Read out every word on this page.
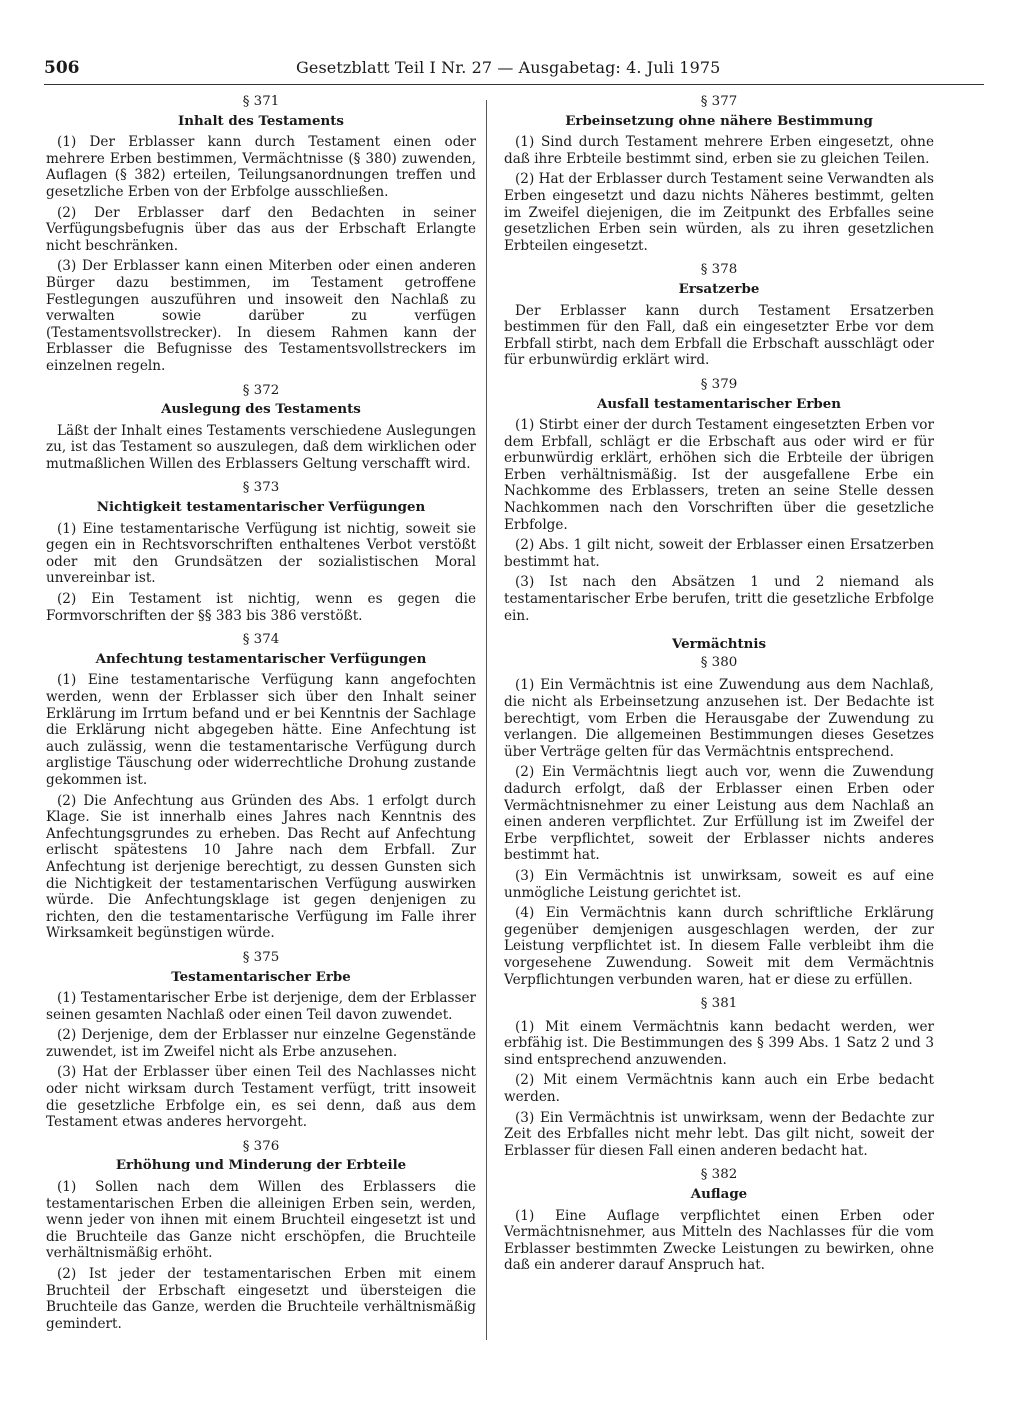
506	Gesetzblatt Teil I Nr. 27 — Ausgabetag: 4. Juli 1975
§ 371
Inhalt des Testaments

(1) Der Erblasser kann durch Testament einen oder mehrere Erben bestimmen, Vermächtnisse (§ 380) zuwenden, Auflagen (§ 382) erteilen, Teilungsanordnungen treffen und gesetzliche Erben von der Erbfolge ausschließen.

(2) Der Erblasser darf den Bedachten in seiner Verfügungsbefugnis über das aus der Erbschaft Erlangte nicht beschränken.

(3) Der Erblasser kann einen Miterben oder einen anderen Bürger dazu bestimmen, im Testament getroffene Festlegungen auszuführen und insoweit den Nachlaß zu verwalten sowie darüber zu verfügen (Testamentsvollstrecker). In diesem Rahmen kann der Erblasser die Befugnisse des Testamentsvollstreckers im einzelnen regeln.

§ 372
Auslegung des Testaments

Läßt der Inhalt eines Testaments verschiedene Auslegungen zu, ist das Testament so auszulegen, daß dem wirklichen oder mutmaßlichen Willen des Erblassers Geltung verschafft wird.

§ 373
Nichtigkeit testamentarischer Verfügungen

(1) Eine testamentarische Verfügung ist nichtig, soweit sie gegen ein in Rechtsvorschriften enthaltenes Verbot verstößt oder mit den Grundsätzen der sozialistischen Moral unvereinbar ist.

(2) Ein Testament ist nichtig, wenn es gegen die Formvorschriften der §§ 383 bis 386 verstößt.

§ 374
Anfechtung testamentarischer Verfügungen

(1) Eine testamentarische Verfügung kann angefochten werden, wenn der Erblasser sich über den Inhalt seiner Erklärung im Irrtum befand und er bei Kenntnis der Sachlage die Erklärung nicht abgegeben hätte. Eine Anfechtung ist auch zulässig, wenn die testamentarische Verfügung durch arglistige Täuschung oder widerrechtliche Drohung zustande gekommen ist.

(2) Die Anfechtung aus Gründen des Abs. 1 erfolgt durch Klage. Sie ist innerhalb eines Jahres nach Kenntnis des Anfechtungsgrundes zu erheben. Das Recht auf Anfechtung erlischt spätestens 10 Jahre nach dem Erbfall. Zur Anfechtung ist derjenige berechtigt, zu dessen Gunsten sich die Nichtigkeit der testamentarischen Verfügung auswirken würde. Die Anfechtungsklage ist gegen denjenigen zu richten, den die testamentarische Verfügung im Falle ihrer Wirksamkeit begünstigen würde.

§ 375
Testamentarischer Erbe

(1) Testamentarischer Erbe ist derjenige, dem der Erblasser seinen gesamten Nachlaß oder einen Teil davon zuwendet.

(2) Derjenige, dem der Erblasser nur einzelne Gegenstände zuwendet, ist im Zweifel nicht als Erbe anzusehen.

(3) Hat der Erblasser über einen Teil des Nachlasses nicht oder nicht wirksam durch Testament verfügt, tritt insoweit die gesetzliche Erbfolge ein, es sei denn, daß aus dem Testament etwas anderes hervorgeht.

§ 376
Erhöhung und Minderung der Erbteile

(1) Sollen nach dem Willen des Erblassers die testamentarischen Erben die alleinigen Erben sein, werden, wenn jeder von ihnen mit einem Bruchteil eingesetzt ist und die Bruchteile das Ganze nicht erschöpfen, die Bruchteile verhältnismäßig erhöht.

(2) Ist jeder der testamentarischen Erben mit einem Bruchteil der Erbschaft eingesetzt und übersteigen die Bruchteile das Ganze, werden die Bruchteile verhältnismäßig gemindert.

§ 377
Erbeinsetzung ohne nähere Bestimmung

(1) Sind durch Testament mehrere Erben eingesetzt, ohne daß ihre Erbteile bestimmt sind, erben sie zu gleichen Teilen.

(2) Hat der Erblasser durch Testament seine Verwandten als Erben eingesetzt und dazu nichts Näheres bestimmt, gelten im Zweifel diejenigen, die im Zeitpunkt des Erbfalles seine gesetzlichen Erben sein würden, als zu ihren gesetzlichen Erbteilen eingesetzt.

§ 378
Ersatzerbe

Der Erblasser kann durch Testament Ersatzerben bestimmen für den Fall, daß ein eingesetzter Erbe vor dem Erbfall stirbt, nach dem Erbfall die Erbschaft ausschlägt oder für erbunwürdig erklärt wird.

§ 379
Ausfall testamentarischer Erben

(1) Stirbt einer der durch Testament eingesetzten Erben vor dem Erbfall, schlägt er die Erbschaft aus oder wird er für erbunwürdig erklärt, erhöhen sich die Erbteile der übrigen Erben verhältnismäßig. Ist der ausgefallene Erbe ein Nachkomme des Erblassers, treten an seine Stelle dessen Nachkommen nach den Vorschriften über die gesetzliche Erbfolge.

(2) Abs. 1 gilt nicht, soweit der Erblasser einen Ersatzerben bestimmt hat.

(3) Ist nach den Absätzen 1 und 2 niemand als testamentarischer Erbe berufen, tritt die gesetzliche Erbfolge ein.

Vermächtnis
§ 380

(1) Ein Vermächtnis ist eine Zuwendung aus dem Nachlaß, die nicht als Erbeinsetzung anzusehen ist. Der Bedachte ist berechtigt, vom Erben die Herausgabe der Zuwendung zu verlangen. Die allgemeinen Bestimmungen dieses Gesetzes über Verträge gelten für das Vermächtnis entsprechend.

(2) Ein Vermächtnis liegt auch vor, wenn die Zuwendung dadurch erfolgt, daß der Erblasser einen Erben oder Vermächtnisnehmer zu einer Leistung aus dem Nachlaß an einen anderen verpflichtet. Zur Erfüllung ist im Zweifel der Erbe verpflichtet, soweit der Erblasser nichts anderes bestimmt hat.

(3) Ein Vermächtnis ist unwirksam, soweit es auf eine unmögliche Leistung gerichtet ist.

(4) Ein Vermächtnis kann durch schriftliche Erklärung gegenüber demjenigen ausgeschlagen werden, der zur Leistung verpflichtet ist. In diesem Falle verbleibt ihm die vorgesehene Zuwendung. Soweit mit dem Vermächtnis Verpflichtungen verbunden waren, hat er diese zu erfüllen.

§ 381

(1) Mit einem Vermächtnis kann bedacht werden, wer erbfähig ist. Die Bestimmungen des § 399 Abs. 1 Satz 2 und 3 sind entsprechend anzuwenden.

(2) Mit einem Vermächtnis kann auch ein Erbe bedacht werden.

(3) Ein Vermächtnis ist unwirksam, wenn der Bedachte zur Zeit des Erbfalles nicht mehr lebt. Das gilt nicht, soweit der Erblasser für diesen Fall einen anderen bedacht hat.

§ 382
Auflage

(1) Eine Auflage verpflichtet einen Erben oder Vermächtnisnehmer, aus Mitteln des Nachlasses für die vom Erblasser bestimmten Zwecke Leistungen zu bewirken, ohne daß ein anderer darauf Anspruch hat.
